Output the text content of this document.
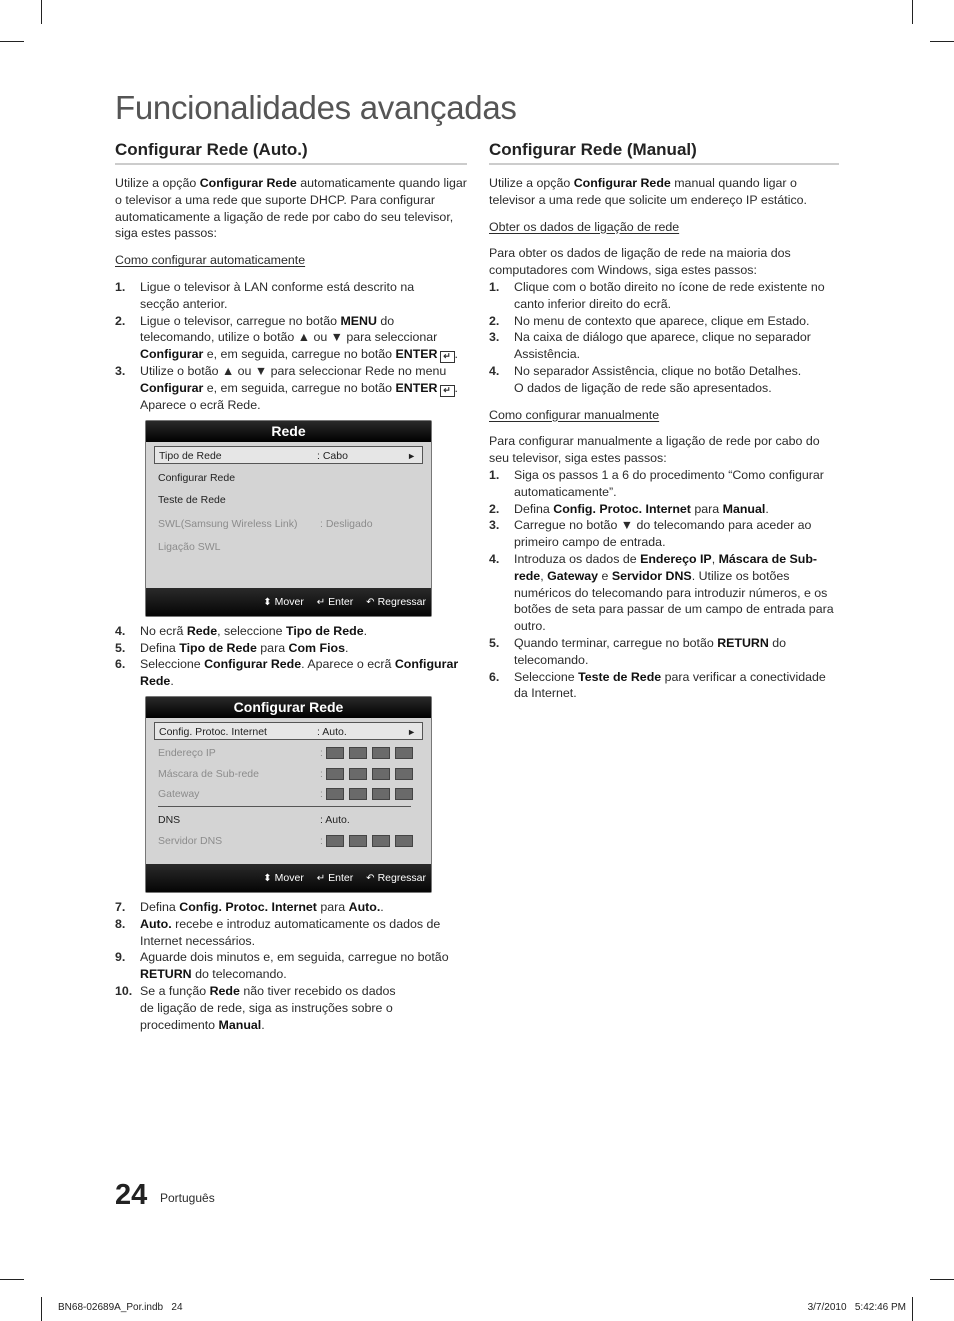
Funcionalidades avançadas
Configurar Rede (Auto.)

Utilize a opção Configurar Rede automaticamente quando ligar o televisor a uma rede que suporte DHCP. Para configurar automaticamente a ligação de rede por cabo do seu televisor, siga estes passos:

Como configurar automaticamente
1. Ligue o televisor à LAN conforme está descrito na
secção anterior.
2. Ligue o televisor, carregue no botão MENU do telecomando, utilize o botão ▲ ou ▼ para seleccionar Configurar e, em seguida, carregue no botão ENTER ↵ .
3. Utilize o botão ▲ ou ▼ para seleccionar Rede no menu Configurar e, em seguida, carregue no botão ENTER ↵ . Aparece o ecrã Rede.
Rede
Tipo de Rede	: Cabo	►
Configurar Rede
Teste de Rede
SWL(Samsung Wireless Link) : Desligado
Ligação SWL
⬍ Mover ↵ Enter ↶ Regressar
4. No ecrã Rede, seleccione Tipo de Rede.
5. Defina Tipo de Rede para Com Fios.
6. Seleccione Configurar Rede. Aparece o ecrã Configurar Rede.
Configurar Rede
Config. Protoc. Internet	: Auto.	►
Endereço IP	:
Máscara de Sub-rede	:
Gateway	:
DNS	: Auto.
Servidor DNS	:
⬍ Mover ↵ Enter ↶ Regressar
7. Defina Config. Protoc. Internet para Auto..
8. Auto. recebe e introduz automaticamente os dados de Internet necessários.
9. Aguarde dois minutos e, em seguida, carregue no botão RETURN do telecomando.
10. Se a função Rede não tiver recebido os dados
de ligação de rede, siga as instruções sobre o
procedimento Manual.
Configurar Rede (Manual)

Utilize a opção Configurar Rede manual quando ligar o televisor a uma rede que solicite um endereço IP estático.

Obter os dados de ligação de rede

Para obter os dados de ligação de rede na maioria dos computadores com Windows, siga estes passos:

1. Clique com o botão direito no ícone de rede existente no canto inferior direito do ecrã.
2. No menu de contexto que aparece, clique em Estado.
3. Na caixa de diálogo que aparece, clique no separador Assistência.
4. No separador Assistência, clique no botão Detalhes.
O dados de ligação de rede são apresentados.
Como configurar manualmente

Para configurar manualmente a ligação de rede por cabo do seu televisor, siga estes passos:

1. Siga os passos 1 a 6 do procedimento “Como configurar automaticamente”.
2. Defina Config. Protoc. Internet para Manual.
3. Carregue no botão ▼ do telecomando para aceder ao primeiro campo de entrada.
4. Introduza os dados de Endereço IP, Máscara de Sub-rede, Gateway e Servidor DNS. Utilize os botões numéricos do telecomando para introduzir números, e os botões de seta para passar de um campo de entrada para outro.
5. Quando terminar, carregue no botão RETURN do telecomando.
6. Seleccione Teste de Rede para verificar a conectividade da Internet.
24 Português
BN68-02689A_Por.indb   24	3/7/2010   5:42:46 PM
